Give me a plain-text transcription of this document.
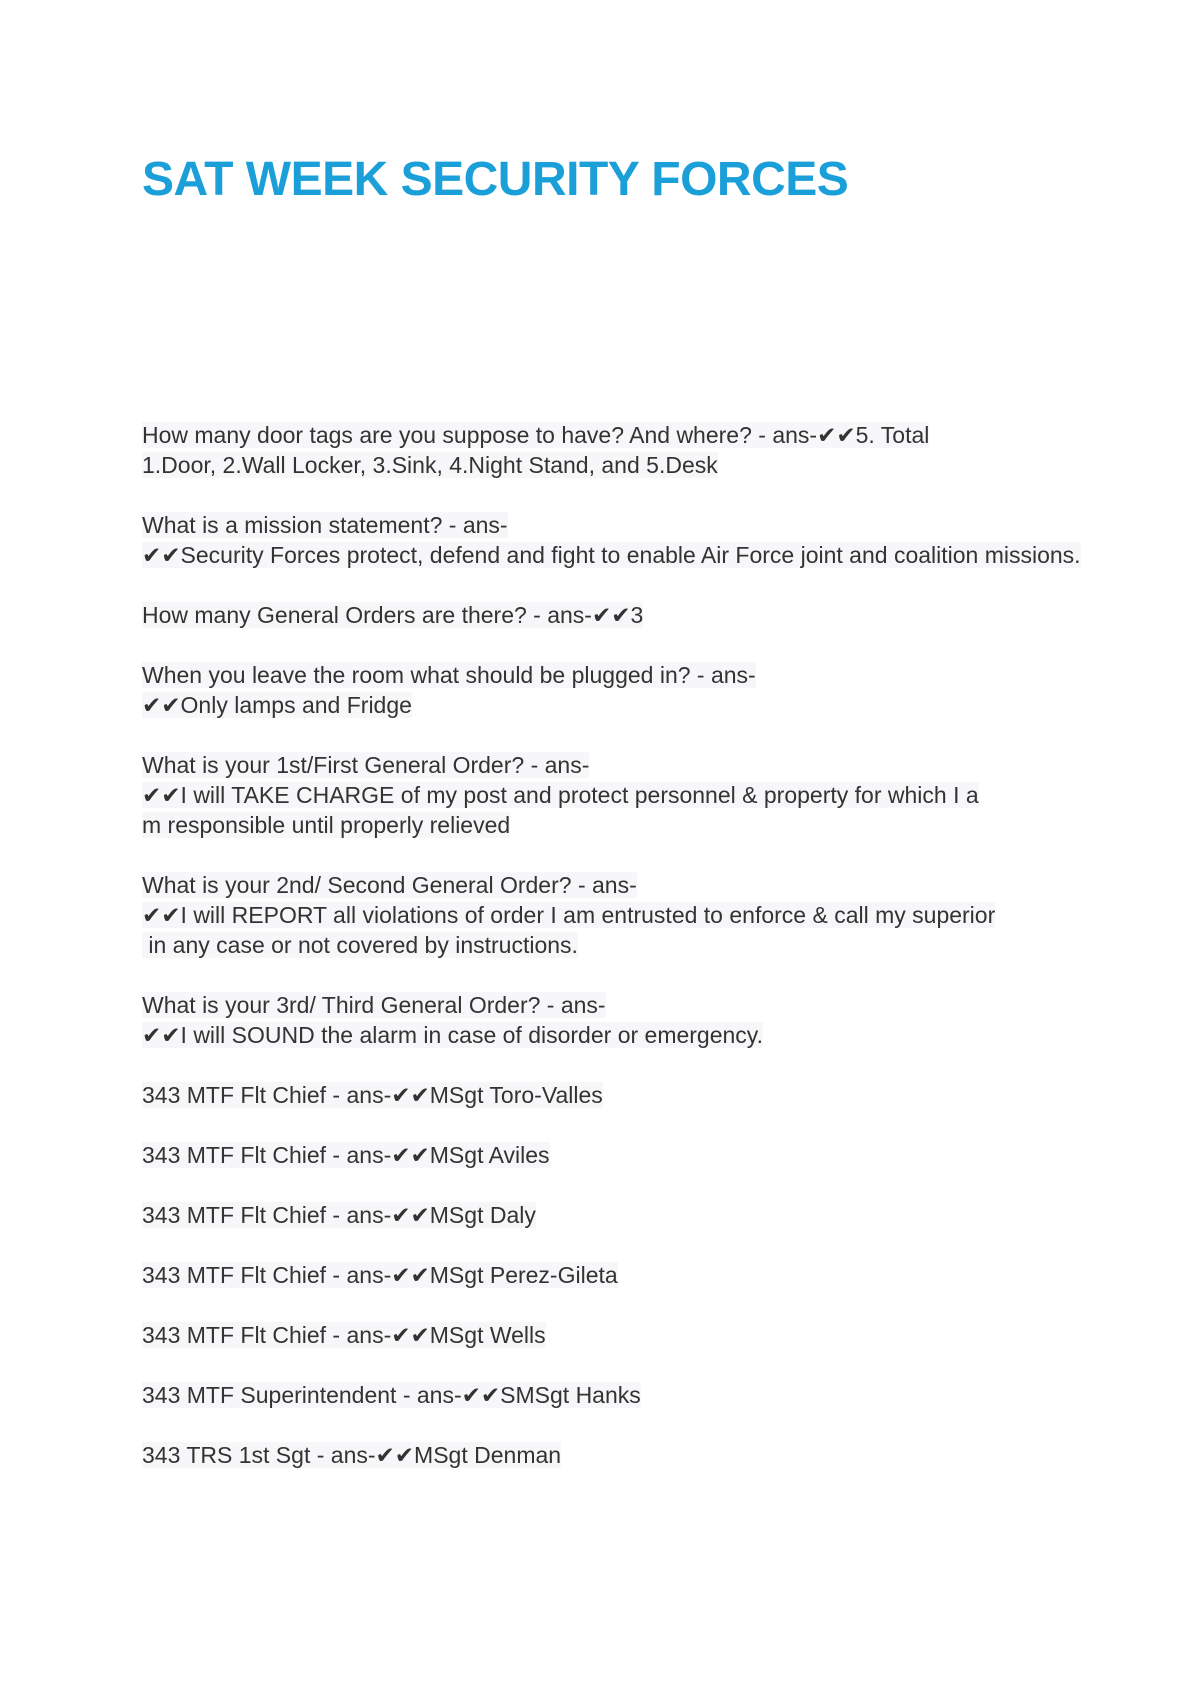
SAT WEEK SECURITY FORCES

How many door tags are you suppose to have? And where? - ans-✔✔5. Total
1.Door, 2.Wall Locker, 3.Sink, 4.Night Stand, and 5.Desk

What is a mission statement? - ans-
✔✔Security Forces protect, defend and fight to enable Air Force joint and coalition missions.

How many General Orders are there? - ans-✔✔3

When you leave the room what should be plugged in? - ans-
✔✔Only lamps and Fridge

What is your 1st/First General Order? - ans-
✔✔I will TAKE CHARGE of my post and protect personnel & property for which I a
m responsible until properly relieved

What is your 2nd/ Second General Order? - ans-
✔✔I will REPORT all violations of order I am entrusted to enforce & call my superior
in any case or not covered by instructions.

What is your 3rd/ Third General Order? - ans-
✔✔I will SOUND the alarm in case of disorder or emergency.

343 MTF Flt Chief - ans-✔✔MSgt Toro-Valles

343 MTF Flt Chief - ans-✔✔MSgt Aviles

343 MTF Flt Chief - ans-✔✔MSgt Daly

343 MTF Flt Chief - ans-✔✔MSgt Perez-Gileta

343 MTF Flt Chief - ans-✔✔MSgt Wells

343 MTF Superintendent - ans-✔✔SMSgt Hanks

343 TRS 1st Sgt - ans-✔✔MSgt Denman
